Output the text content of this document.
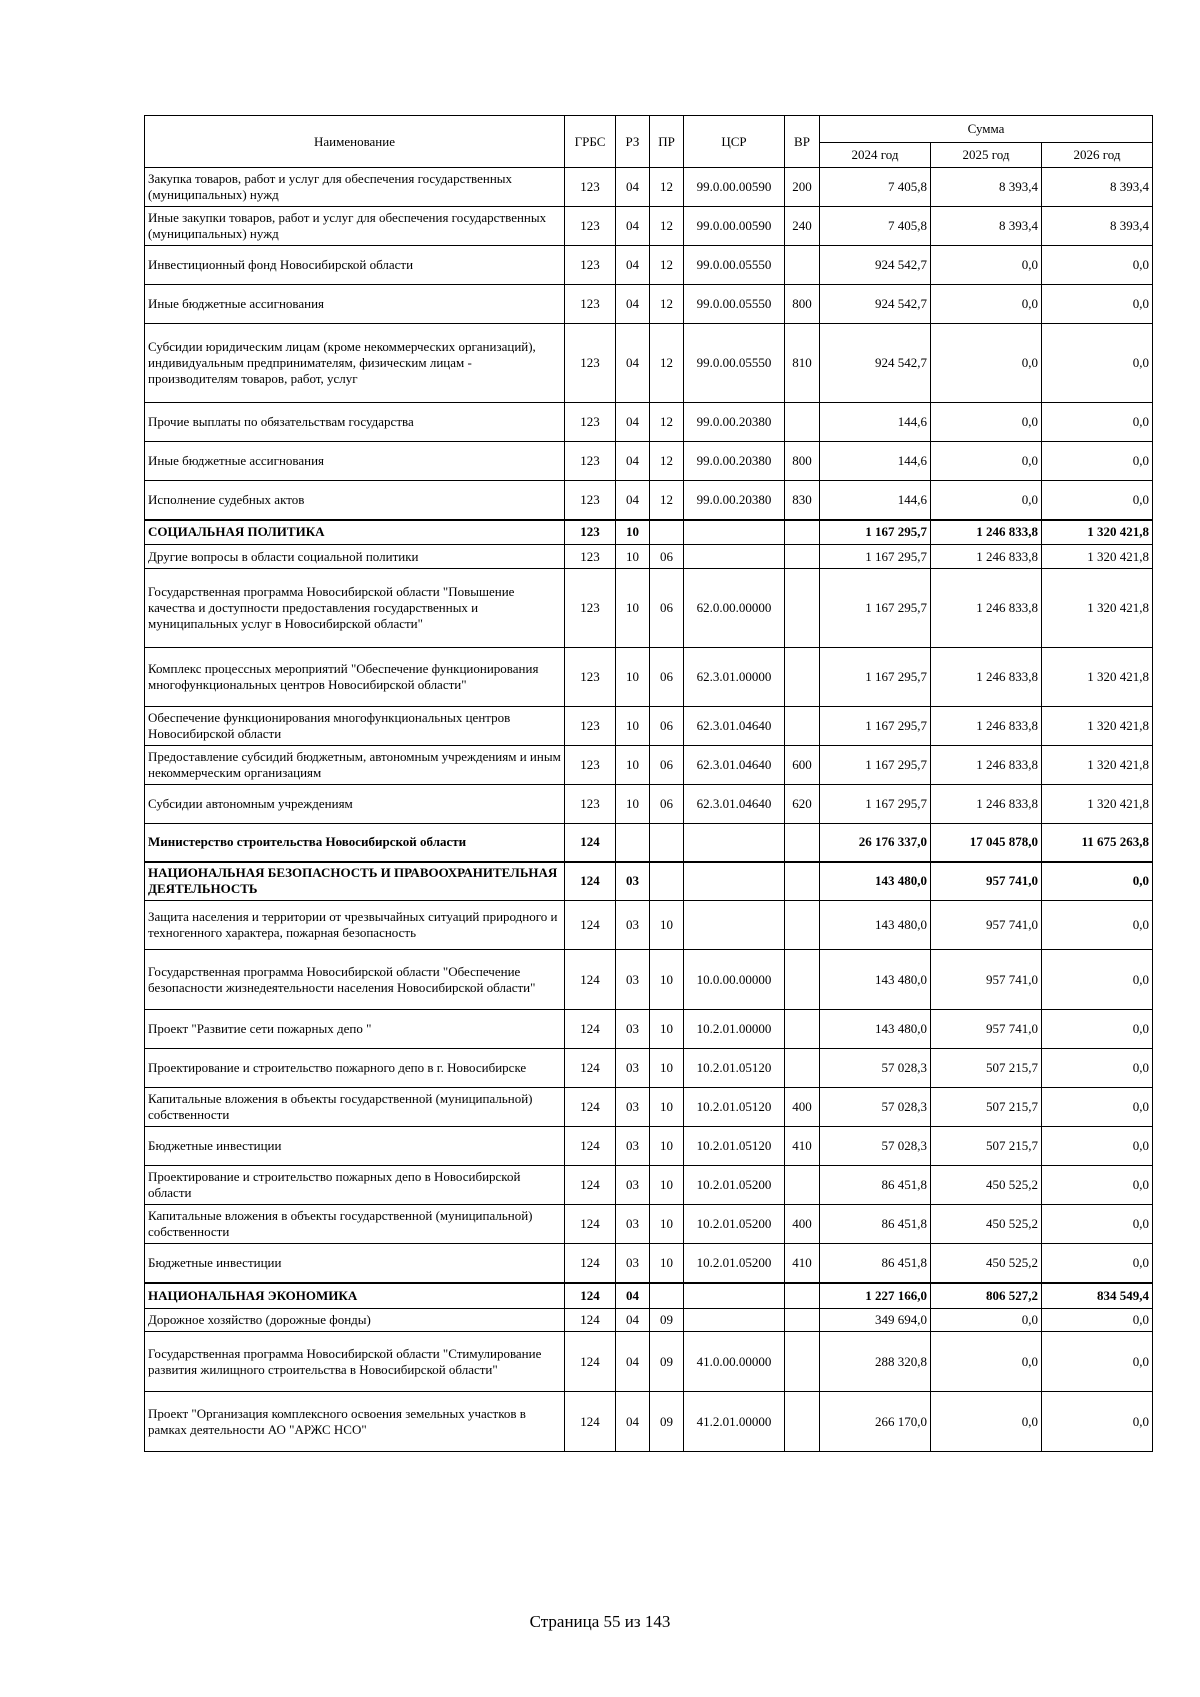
Наименование	ГРБС	РЗ	ПР	ЦСР	ВР	Сумма		
						2024 год	2025 год	2026 год
Закупка товаров, работ и услуг для обеспечения государственных (муниципальных) нужд	123	04	12	99.0.00.00590	200	7 405,8	8 393,4	8 393,4
Иные закупки товаров, работ и услуг для обеспечения государственных (муниципальных) нужд	123	04	12	99.0.00.00590	240	7 405,8	8 393,4	8 393,4
Инвестиционный фонд Новосибирской области	123	04	12	99.0.00.05550		924 542,7	0,0	0,0
Иные бюджетные ассигнования	123	04	12	99.0.00.05550	800	924 542,7	0,0	0,0
Субсидии юридическим лицам (кроме некоммерческих организаций), индивидуальным предпринимателям, физическим лицам - производителям товаров, работ, услуг	123	04	12	99.0.00.05550	810	924 542,7	0,0	0,0
Прочие выплаты по обязательствам государства	123	04	12	99.0.00.20380		144,6	0,0	0,0
Иные бюджетные ассигнования	123	04	12	99.0.00.20380	800	144,6	0,0	0,0
Исполнение судебных актов	123	04	12	99.0.00.20380	830	144,6	0,0	0,0
СОЦИАЛЬНАЯ ПОЛИТИКА	123	10				1 167 295,7	1 246 833,8	1 320 421,8
Другие вопросы в области социальной политики	123	10	06			1 167 295,7	1 246 833,8	1 320 421,8
Государственная программа Новосибирской области "Повышение качества и доступности предоставления государственных и муниципальных услуг в Новосибирской области"	123	10	06	62.0.00.00000		1 167 295,7	1 246 833,8	1 320 421,8
Комплекс процессных мероприятий "Обеспечение функционирования многофункциональных центров Новосибирской области"	123	10	06	62.3.01.00000		1 167 295,7	1 246 833,8	1 320 421,8
Обеспечение функционирования многофункциональных центров Новосибирской области	123	10	06	62.3.01.04640		1 167 295,7	1 246 833,8	1 320 421,8
Предоставление субсидий бюджетным, автономным учреждениям и иным некоммерческим организациям	123	10	06	62.3.01.04640	600	1 167 295,7	1 246 833,8	1 320 421,8
Субсидии автономным учреждениям	123	10	06	62.3.01.04640	620	1 167 295,7	1 246 833,8	1 320 421,8
Министерство строительства Новосибирской области	124					26 176 337,0	17 045 878,0	11 675 263,8
НАЦИОНАЛЬНАЯ БЕЗОПАСНОСТЬ И ПРАВООХРАНИТЕЛЬНАЯ ДЕЯТЕЛЬНОСТЬ	124	03				143 480,0	957 741,0	0,0
Защита населения и территории от чрезвычайных ситуаций природного и техногенного характера, пожарная безопасность	124	03	10			143 480,0	957 741,0	0,0
Государственная программа Новосибирской области "Обеспечение безопасности жизнедеятельности населения Новосибирской области"	124	03	10	10.0.00.00000		143 480,0	957 741,0	0,0
Проект "Развитие сети пожарных депо "	124	03	10	10.2.01.00000		143 480,0	957 741,0	0,0
Проектирование и строительство пожарного депо в г. Новосибирске	124	03	10	10.2.01.05120		57 028,3	507 215,7	0,0
Капитальные вложения в объекты государственной (муниципальной) собственности	124	03	10	10.2.01.05120	400	57 028,3	507 215,7	0,0
Бюджетные инвестиции	124	03	10	10.2.01.05120	410	57 028,3	507 215,7	0,0
Проектирование и строительство пожарных депо в Новосибирской области	124	03	10	10.2.01.05200		86 451,8	450 525,2	0,0
Капитальные вложения в объекты государственной (муниципальной) собственности	124	03	10	10.2.01.05200	400	86 451,8	450 525,2	0,0
Бюджетные инвестиции	124	03	10	10.2.01.05200	410	86 451,8	450 525,2	0,0
НАЦИОНАЛЬНАЯ ЭКОНОМИКА	124	04				1 227 166,0	806 527,2	834 549,4
Дорожное хозяйство (дорожные фонды)	124	04	09			349 694,0	0,0	0,0
Государственная программа Новосибирской области "Стимулирование развития жилищного строительства в Новосибирской области"	124	04	09	41.0.00.00000		288 320,8	0,0	0,0
Проект "Организация комплексного освоения земельных участков в рамках деятельности АО "АРЖС НСО"	124	04	09	41.2.01.00000		266 170,0	0,0	0,0
Страница 55 из 143
